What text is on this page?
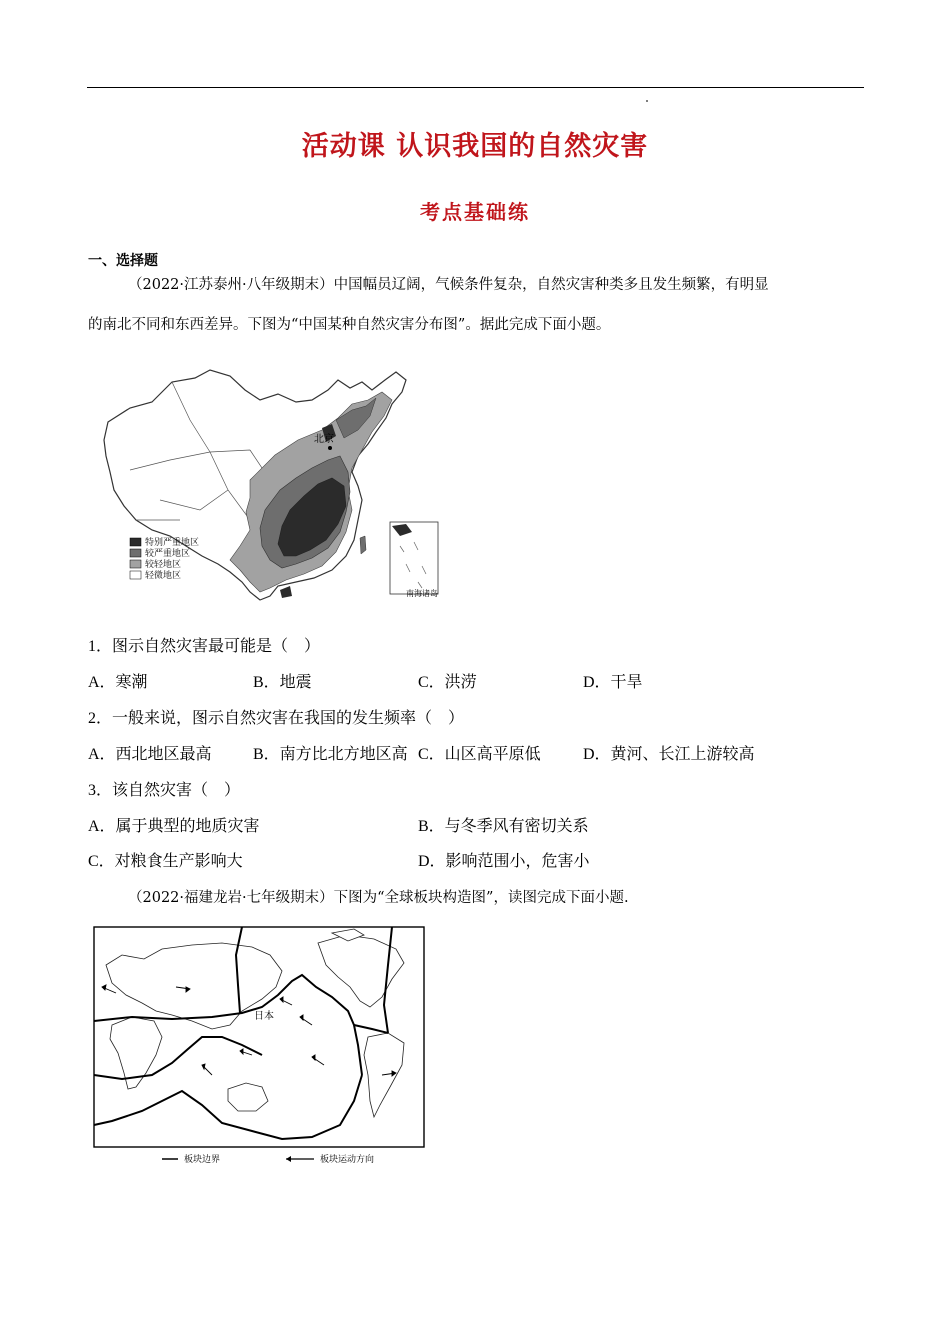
活动课 认识我国的自然灾害
考点基础练
一、选择题
（2022·江苏泰州·八年级期末）中国幅员辽阔，气候条件复杂，自然灾害种类多且发生频繁，有明显
的南北不同和东西差异。下图为“中国某种自然灾害分布图”。据此完成下面小题。
北京
特别严重地区
较严重地区
较轻地区
轻微地区
南海诸岛
1．图示自然灾害最可能是（　）
A．寒潮	B．地震	C．洪涝	D．干旱
2．一般来说，图示自然灾害在我国的发生频率（　）
A．西北地区最高	B．南方比北方地区高 C．山区高平原低	D．黄河、长江上游较高
3．该自然灾害（　）
A．属于典型的地质灾害	B．与冬季风有密切关系
C．对粮食生产影响大	D．影响范围小，危害小
（2022·福建龙岩·七年级期末）下图为“全球板块构造图”，读图完成下面小题.
日本
板块边界	板块运动方向
